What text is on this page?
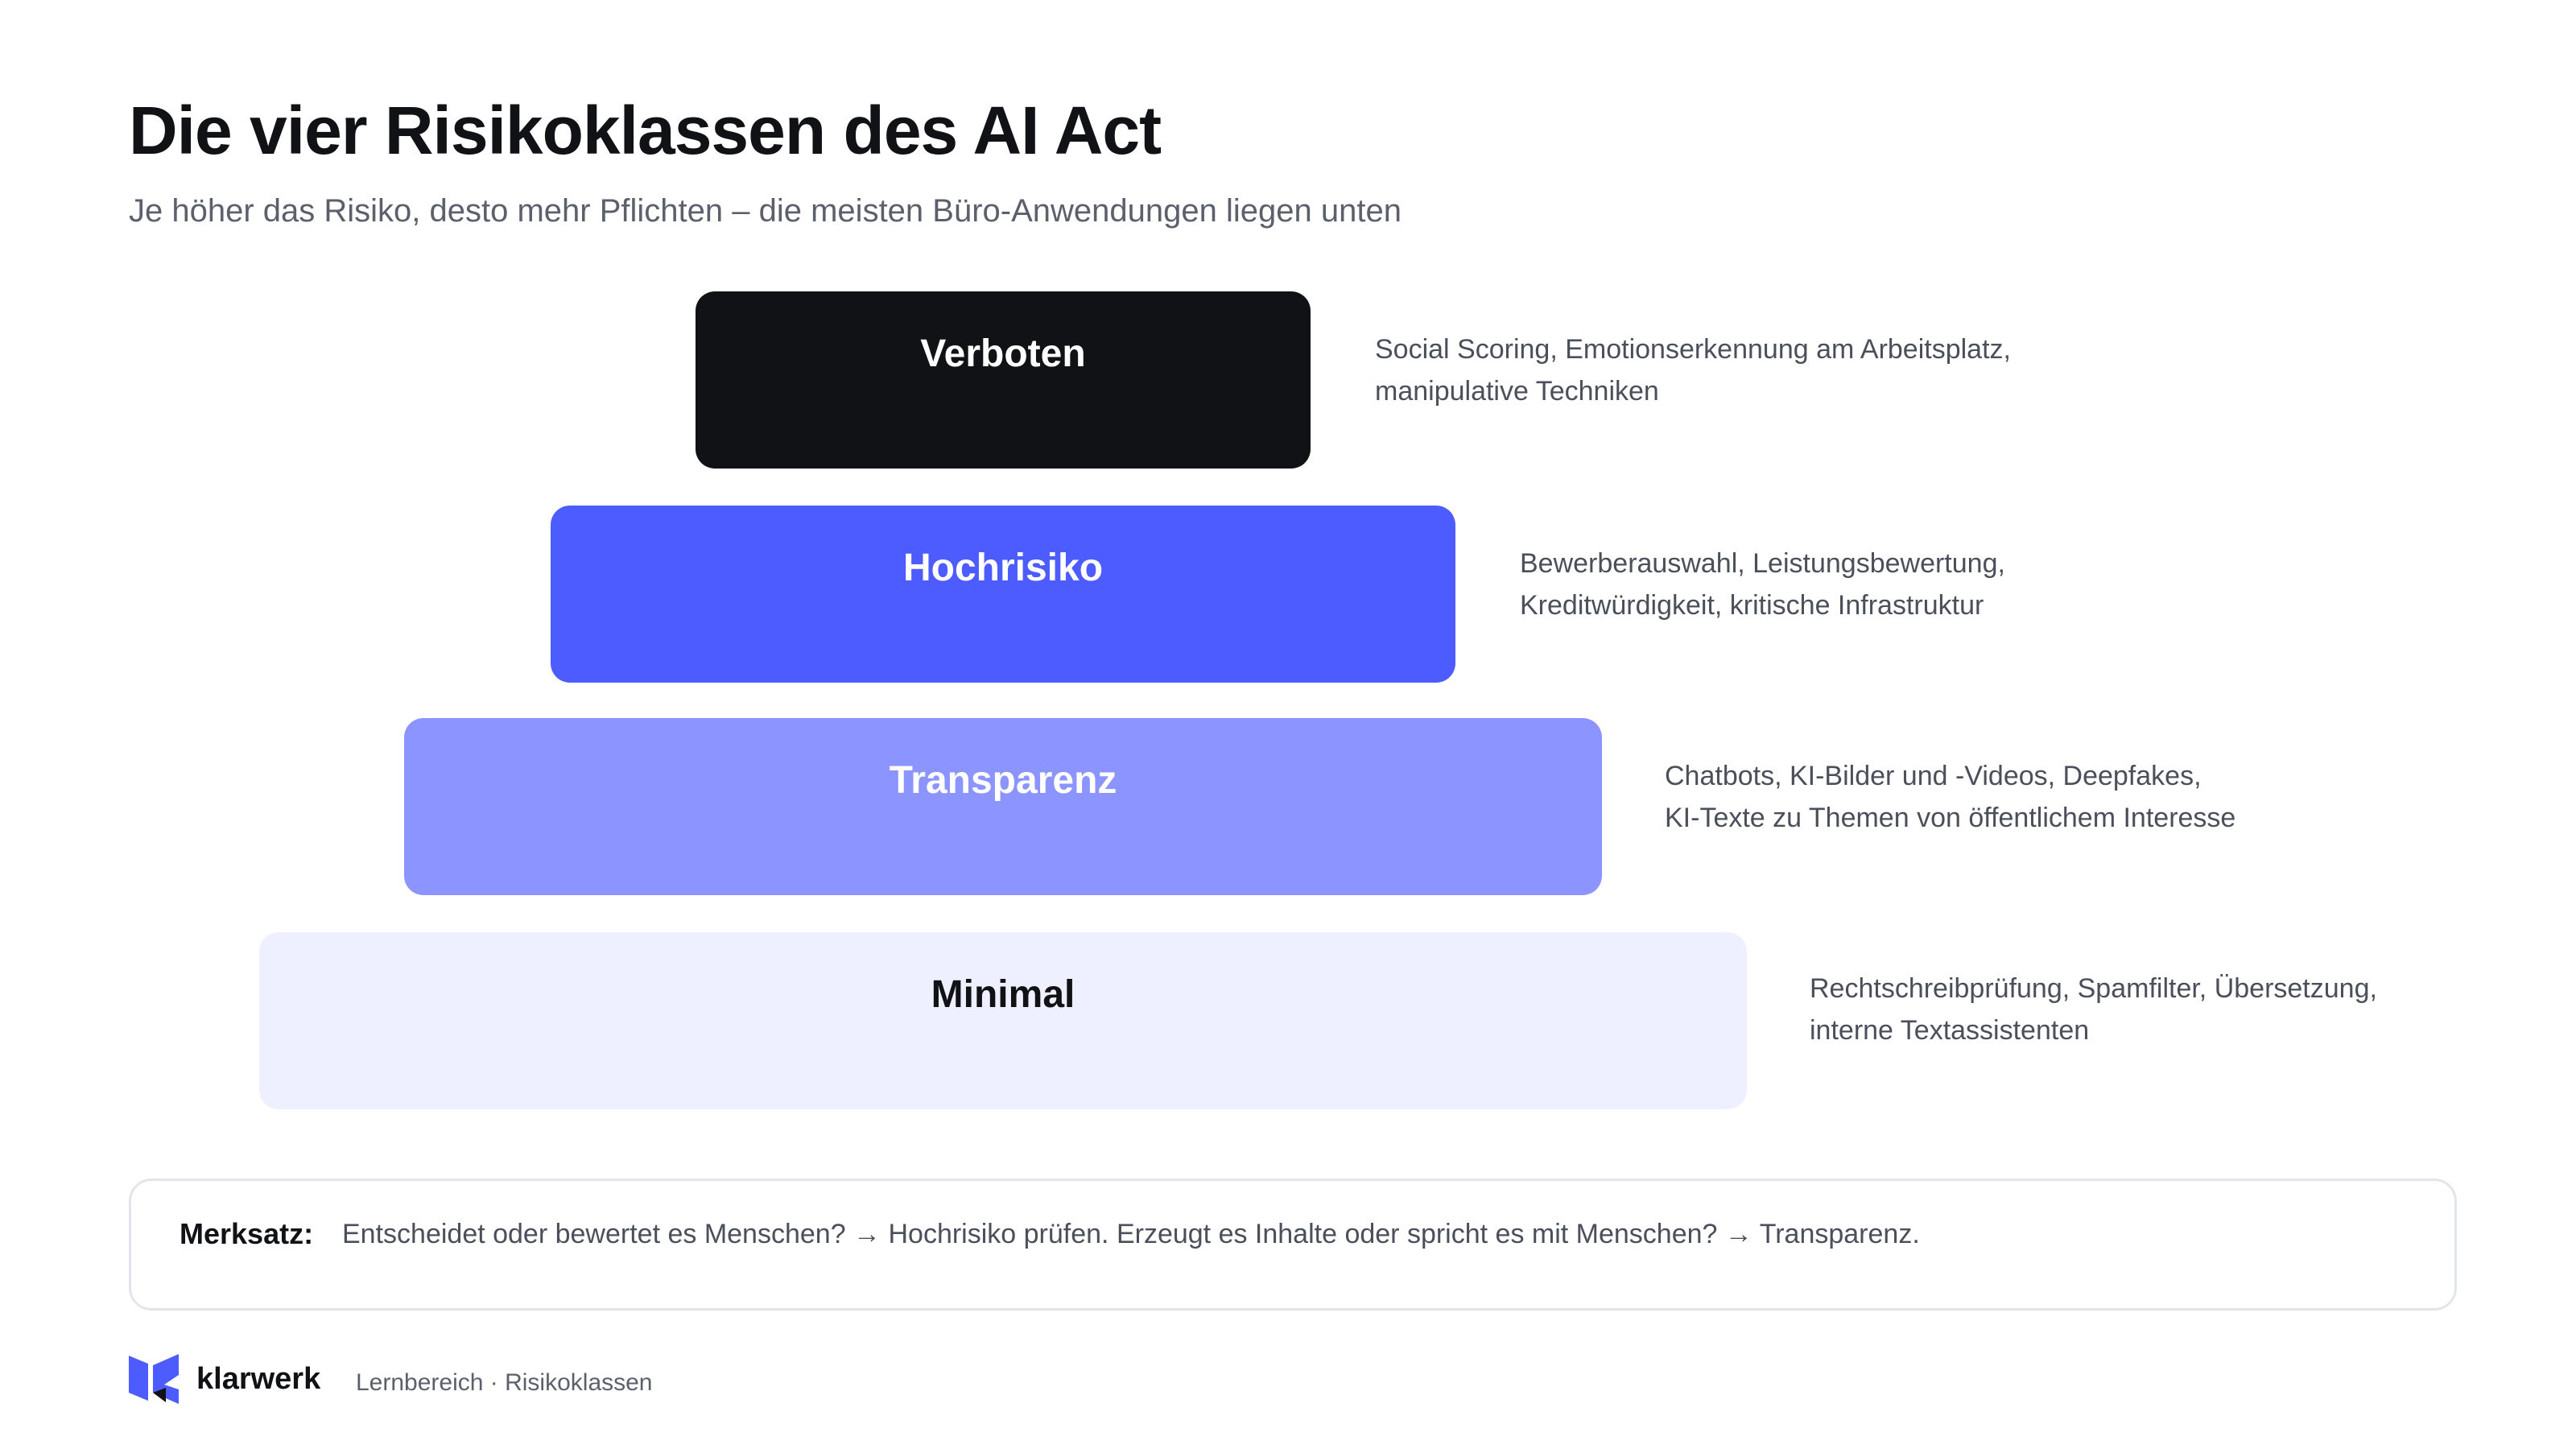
Die vier Risikoklassen des AI Act

Je höher das Risiko, desto mehr Pflichten – die meisten Büro-Anwendungen liegen unten

Verboten	Social Scoring, Emotionserkennung am Arbeitsplatz,
manipulative Techniken
Hochrisiko	Bewerberauswahl, Leistungsbewertung,
Kreditwürdigkeit, kritische Infrastruktur
Transparenz	Chatbots, KI-Bilder und -Videos, Deepfakes,
KI-Texte zu Themen von öffentlichem Interesse
Minimal	Rechtschreibprüfung, Spamfilter, Übersetzung,
interne Textassistenten
Merksatz: Entscheidet oder bewertet es Menschen? → Hochrisiko prüfen. Erzeugt es Inhalte oder spricht es mit Menschen? → Transparenz.
klarwerk Lernbereich · Risikoklassen
